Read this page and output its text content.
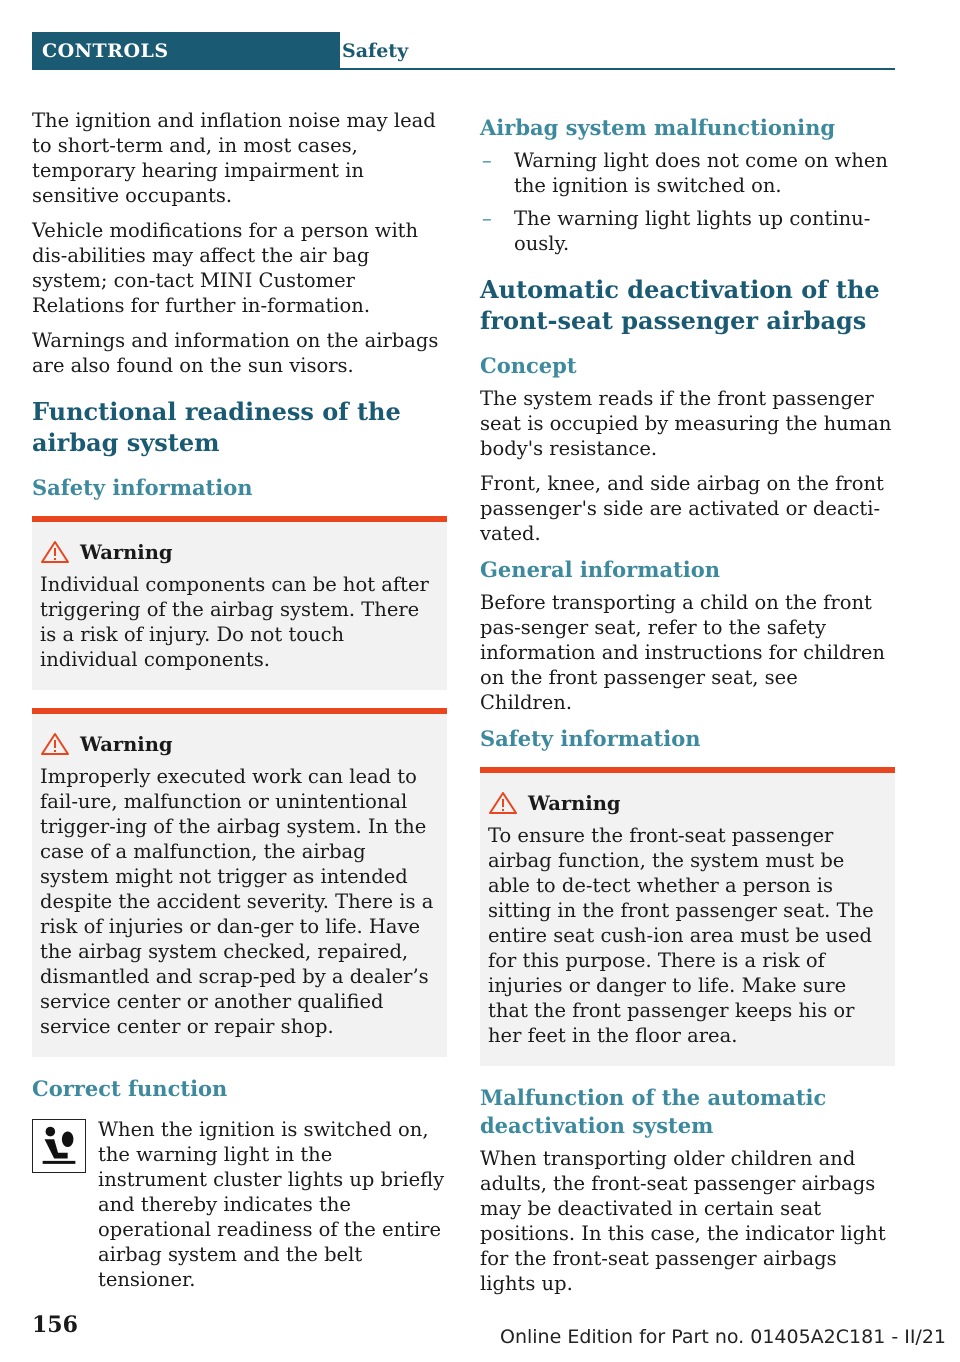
CONTROLS	Safety

The ignition and inflation noise may lead to short-term and, in most cases, temporary hearing impairment in sensitive occupants.

Vehicle modifications for a person with dis‐abilities may affect the air bag system; con‐tact MINI Customer Relations for further in‐formation.

Warnings and information on the airbags are also found on the sun visors.

Functional readiness of the airbag system
Safety information
Warning

Individual components can be hot after triggering of the airbag system. There is a risk of injury. Do not touch individual components.

Warning

Improperly executed work can lead to fail‐ure, malfunction or unintentional trigger‐ing of the airbag system. In the case of a malfunction, the airbag system might not trigger as intended despite the accident severity. There is a risk of injuries or dan‐ger to life. Have the airbag system checked, repaired, dismantled and scrap‐ped by a dealer’s service center or another qualified service center or repair shop.

Correct function

When the ignition is switched on, the warning light in the instrument cluster lights up briefly and thereby indicates the operational readiness of the entire airbag system and the belt tensioner.

Airbag system malfunctioning
– Warning light does not come on when the ignition is switched on.
– The warning light lights up continu‐ously.
Automatic deactivation of the front-seat passenger airbags
Concept

The system reads if the front passenger seat is occupied by measuring the human body's resistance.

Front, knee, and side airbag on the front passenger's side are activated or deacti‐vated.

General information

Before transporting a child on the front pas‐senger seat, refer to the safety information and instructions for children on the front passenger seat, see Children.

Safety information
Warning

To ensure the front-seat passenger airbag function, the system must be able to de‐tect whether a person is sitting in the front passenger seat. The entire seat cush‐ion area must be used for this purpose. There is a risk of injuries or danger to life. Make sure that the front passenger keeps his or her feet in the floor area.

Malfunction of the automatic deactivation system

When transporting older children and adults, the front-seat passenger airbags may be deactivated in certain seat positions. In this case, the indicator light for the front-seat passenger airbags lights up.

156	Online Edition for Part no. 01405A2C181 - II/21
